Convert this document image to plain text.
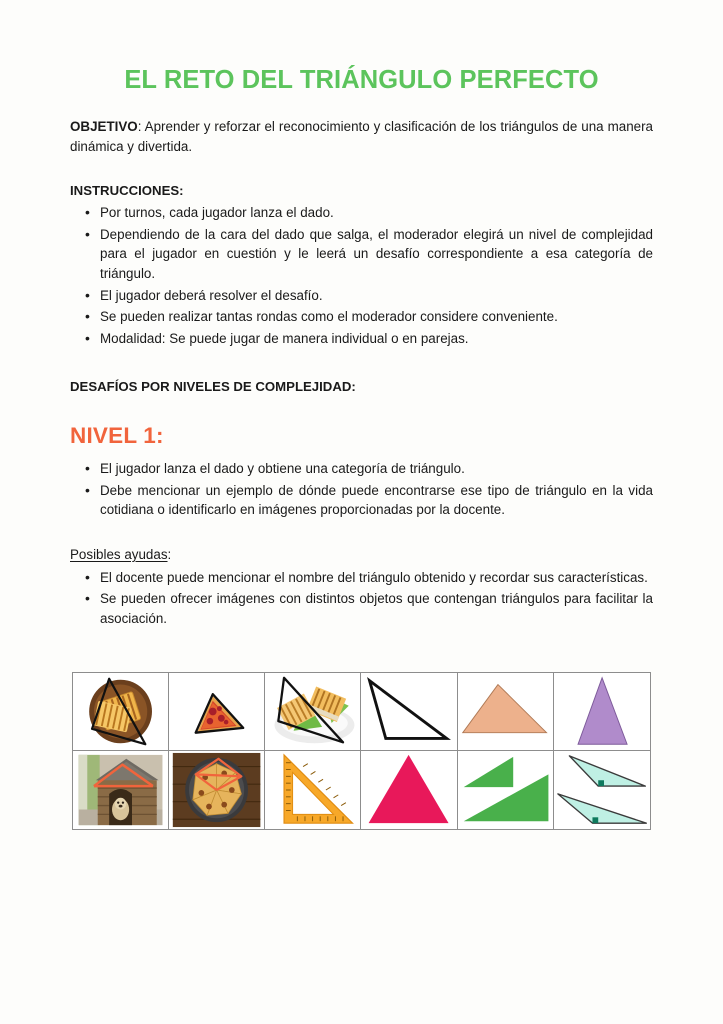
EL RETO DEL TRIÁNGULO PERFECTO

OBJETIVO: Aprender y reforzar el reconocimiento y clasificación de los triángulos de una manera dinámica y divertida.

INSTRUCCIONES:

• Por turnos, cada jugador lanza el dado.
• Dependiendo de la cara del dado que salga, el moderador elegirá un nivel de complejidad para el jugador en cuestión y le leerá un desafío correspondiente a esa categoría de triángulo.
• El jugador deberá resolver el desafío.
• Se pueden realizar tantas rondas como el moderador considere conveniente.
• Modalidad: Se puede jugar de manera individual o en parejas.

DESAFÍOS POR NIVELES DE COMPLEJIDAD:

NIVEL 1:
• El jugador lanza el dado y obtiene una categoría de triángulo.
• Debe mencionar un ejemplo de dónde puede encontrarse ese tipo de triángulo en la vida cotidiana o identificarlo en imágenes proporcionadas por la docente.

Posibles ayudas:

• El docente puede mencionar el nombre del triángulo obtenido y recordar sus características.
• Se pueden ofrecer imágenes con distintos objetos que contengan triángulos para facilitar la asociación.
